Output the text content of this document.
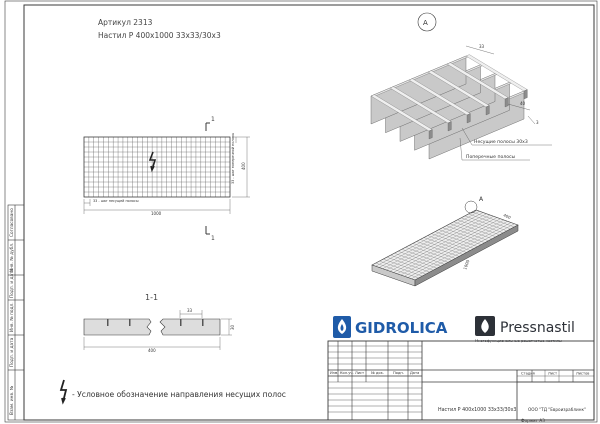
Взам. инв. №
Подп. и дата
Инв. № подл.
Подп. и дата
Инв. № дубл.
Согласовано
Артикул 2313
Настил Р 400х1000 33х33/30х3
1
1
1000
33 - шаг несущей полосы
400
33 - шаг поперечной полосы
1-1
33
30
400
- Условное обозначение направления несущих полос
А
33
40
3
Несущие полосы 30х3
Поперечные полосы
А
400
1000
GIDROLICA	Pressnastil
Многофункциональные решетчатые настилы
Изм. Кол.уч. Лист № док.	Подп. Дата
Настил Р 400х1000 33х33/30х3
Стадия	Лист	Листов
ООО "ТД "Евроизраблинк"
Формат А3
